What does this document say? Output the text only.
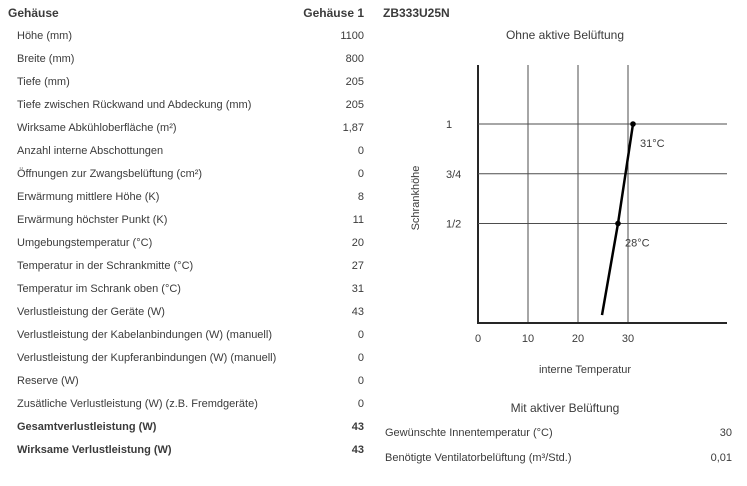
Gehäuse	Gehäuse 1
Höhe (mm)	1100
Breite (mm)	800
Tiefe (mm)	205
Tiefe zwischen Rückwand und Abdeckung (mm)	205
Wirksame Abkühloberfläche (m²)	1,87
Anzahl interne Abschottungen	0
Öffnungen zur Zwangsbelüftung (cm²)	0
Erwärmung mittlere Höhe (K)	8
Erwärmung höchster Punkt (K)	11
Umgebungstemperatur (°C)	20
Temperatur in der Schrankmitte (°C)	27
Temperatur im Schrank oben (°C)	31
Verlustleistung der Geräte (W)	43
Verlustleistung der Kabelanbindungen (W) (manuell)	0
Verlustleistung der Kupferanbindungen (W) (manuell)	0
Reserve (W)	0
Zusätliche Verlustleistung (W) (z.B. Fremdgeräte)	0
Gesamtverlustleistung (W)	43
Wirksame Verlustleistung (W)	43
ZB333U25N
Ohne aktive Belüftung
28°C
31°C
0	10	20	30
1/2
3/4
1
interne Temperatur
Schrankhöhe
Mit aktiver Belüftung
Gewünschte Innentemperatur (°C)	30
Benötigte Ventilatorbelüftung (m³/Std.)	0,01
